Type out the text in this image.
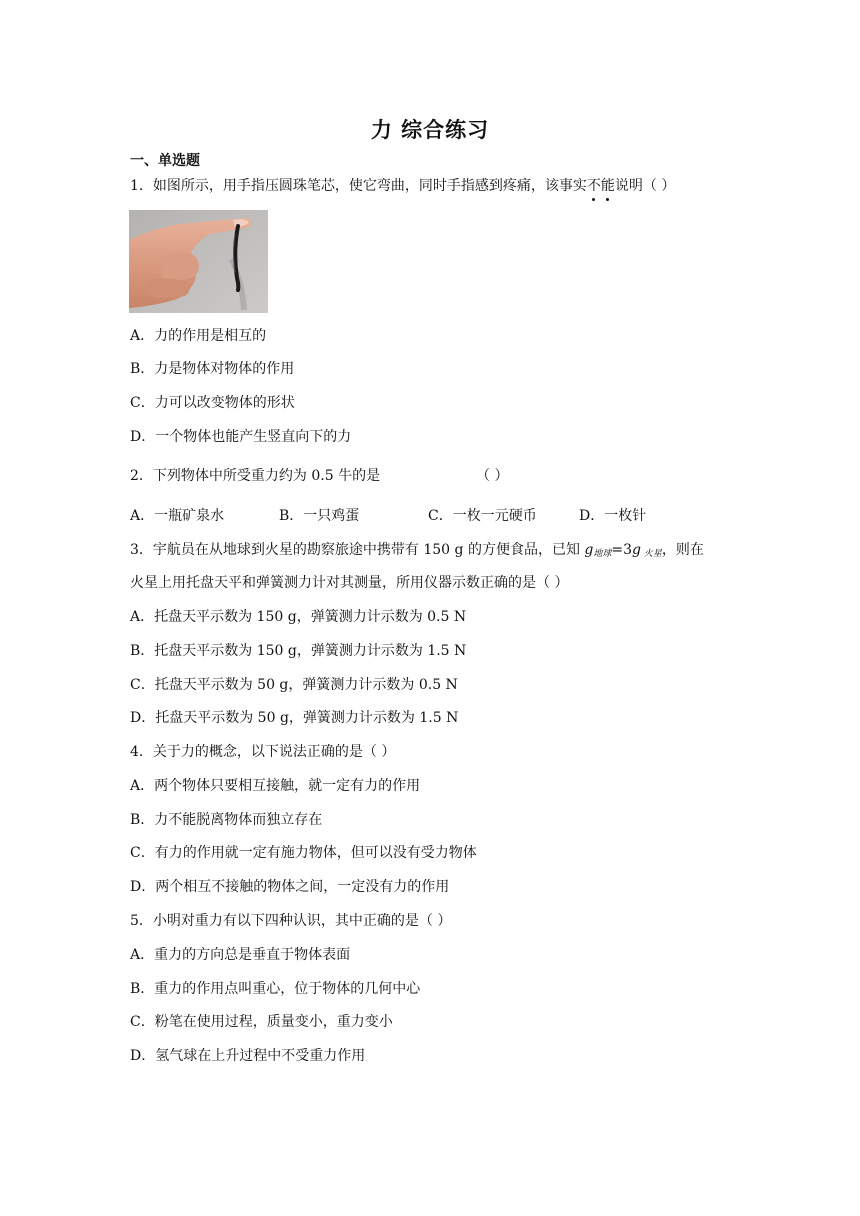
力 综合练习
一、单选题
1．如图所示，用手指压圆珠笔芯，使它弯曲，同时手指感到疼痛，该事实不能说明（ ）
A．力的作用是相互的
B．力是物体对物体的作用
C．力可以改变物体的形状
D．一个物体也能产生竖直向下的力
2．下列物体中所受重力约为 0.5 牛的是	（ ）
A．一瓶矿泉水	B．一只鸡蛋	C．一枚一元硬币	D．一枚针
3．宇航员在从地球到火星的勘察旅途中携带有 150 g 的方便食品，已知 $g_{地球}=3g$ $_{火星}$，则在
火星上用托盘天平和弹簧测力计对其测量，所用仪器示数正确的是（ ）
A．托盘天平示数为 150 g，弹簧测力计示数为 0.5 N
B．托盘天平示数为 150 g，弹簧测力计示数为 1.5 N
C．托盘天平示数为 50 g，弹簧测力计示数为 0.5 N
D．托盘天平示数为 50 g，弹簧测力计示数为 1.5 N
4．关于力的概念，以下说法正确的是（ ）
A．两个物体只要相互接触，就一定有力的作用
B．力不能脱离物体而独立存在
C．有力的作用就一定有施力物体，但可以没有受力物体
D．两个相互不接触的物体之间，一定没有力的作用
5．小明对重力有以下四种认识，其中正确的是（ ）
A．重力的方向总是垂直于物体表面
B．重力的作用点叫重心，位于物体的几何中心
C．粉笔在使用过程，质量变小，重力变小
D．氢气球在上升过程中不受重力作用
